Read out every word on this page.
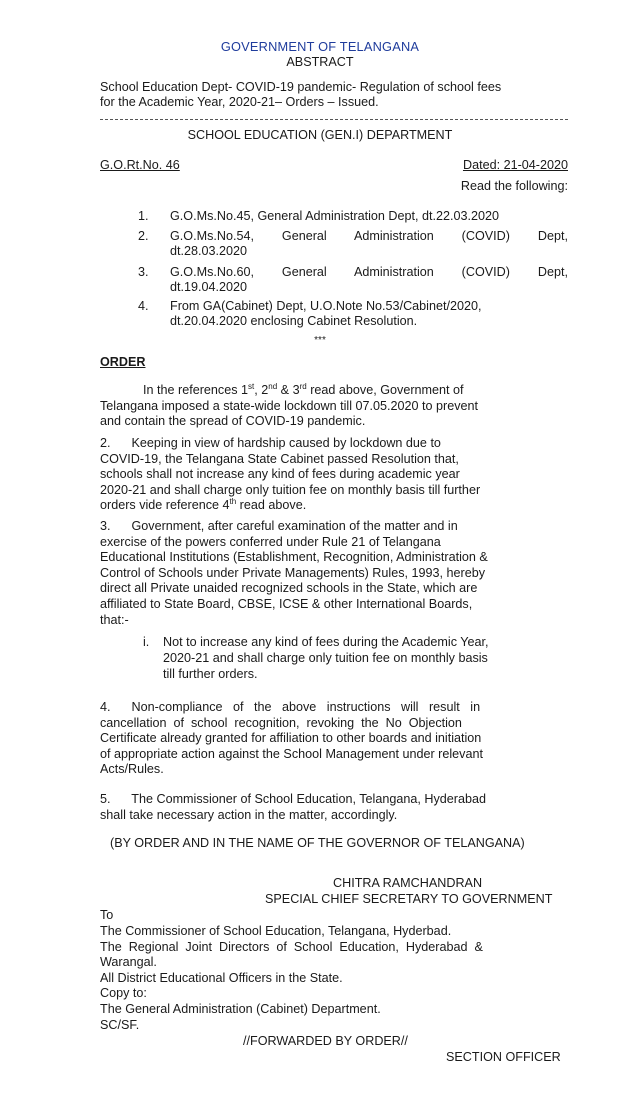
GOVERNMENT OF TELANGANA
ABSTRACT
School Education Dept- COVID-19 pandemic- Regulation of school fees
for the Academic Year, 2020-21– Orders – Issued.
SCHOOL EDUCATION (GEN.I) DEPARTMENT
G.O.Rt.No. 46	Dated: 21-04-2020
Read the following:
1. G.O.Ms.No.45, General Administration Dept, dt.22.03.2020
2. G.O.Ms.No.54,   General   Administration   (COVID)   Dept,
dt.28.03.2020
3. G.O.Ms.No.60,   General   Administration   (COVID)   Dept,
dt.19.04.2020
4. From GA(Cabinet) Dept, U.O.Note No.53/Cabinet/2020,
dt.20.04.2020 enclosing Cabinet Resolution.
***
ORDER
In the references 1st, 2nd & 3rd read above, Government of
Telangana imposed a state-wide lockdown till 07.05.2020 to prevent
and contain the spread of COVID-19 pandemic.
2.      Keeping in view of hardship caused by lockdown due to
COVID-19, the Telangana State Cabinet passed Resolution that,
schools shall not increase any kind of fees during academic year
2020-21 and shall charge only tuition fee on monthly basis till further
orders vide reference 4th read above.
3.      Government, after careful examination of the matter and in
exercise of the powers conferred under Rule 21 of Telangana
Educational Institutions (Establishment, Recognition, Administration &
Control of Schools under Private Managements) Rules, 1993, hereby
direct all Private unaided recognized schools in the State, which are
affiliated to State Board, CBSE, ICSE & other International Boards,
that:-
i. Not to increase any kind of fees during the Academic Year,
2020-21 and shall charge only tuition fee on monthly basis
till further orders.
4.      Non-compliance   of   the   above   instructions   will   result   in
cancellation  of  school  recognition,  revoking  the  No  Objection
Certificate already granted for affiliation to other boards and initiation
of appropriate action against the School Management under relevant
Acts/Rules.
5.      The Commissioner of School Education, Telangana, Hyderabad
shall take necessary action in the matter, accordingly.
(BY ORDER AND IN THE NAME OF THE GOVERNOR OF TELANGANA)
CHITRA RAMCHANDRAN
SPECIAL CHIEF SECRETARY TO GOVERNMENT
To
The Commissioner of School Education, Telangana, Hyderbad.
The  Regional  Joint  Directors  of  School  Education,  Hyderabad  &
Warangal.
All District Educational Officers in the State.
Copy to:
The General Administration (Cabinet) Department.
SC/SF.
//FORWARDED BY ORDER//
SECTION OFFICER
